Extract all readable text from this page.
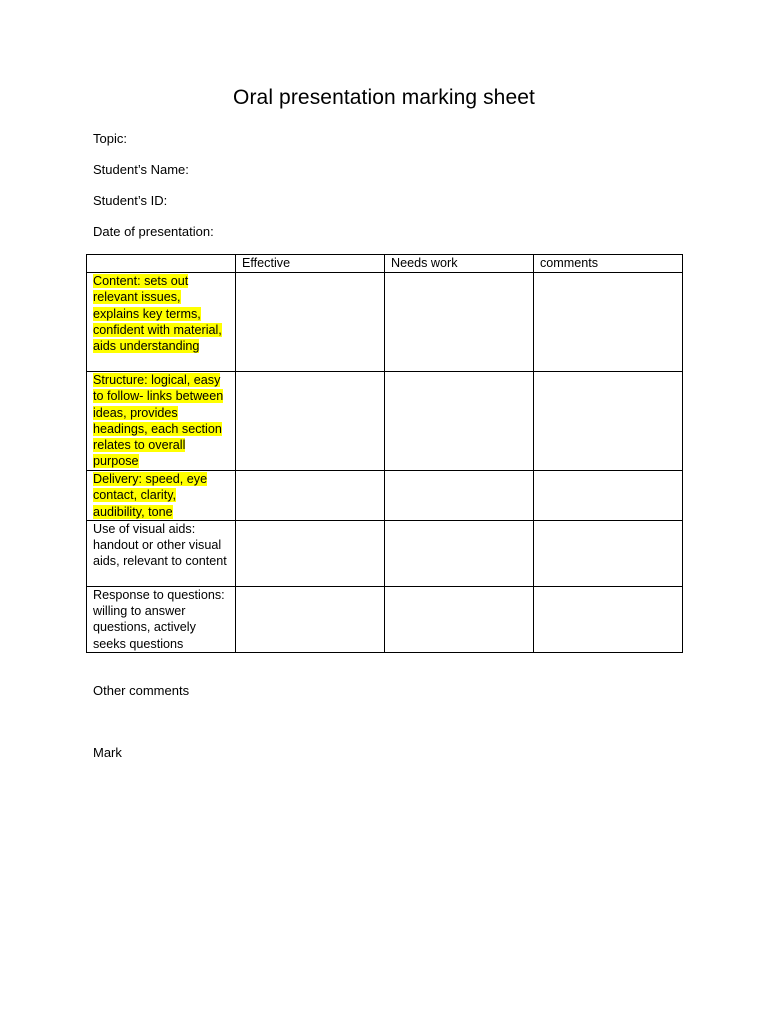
Oral presentation marking sheet
Topic:
Student’s Name:
Student’s ID:
Date of presentation:
	Effective	Needs work	comments
Content: sets out relevant issues, explains key terms, confident with material, aids understanding			
Structure: logical, easy to follow- links between ideas, provides headings, each section relates to overall purpose			
Delivery: speed, eye contact, clarity, audibility, tone			
Use of visual aids: handout or other visual aids, relevant to content			
Response to questions: willing to answer questions, actively seeks questions			
Other comments
Mark
